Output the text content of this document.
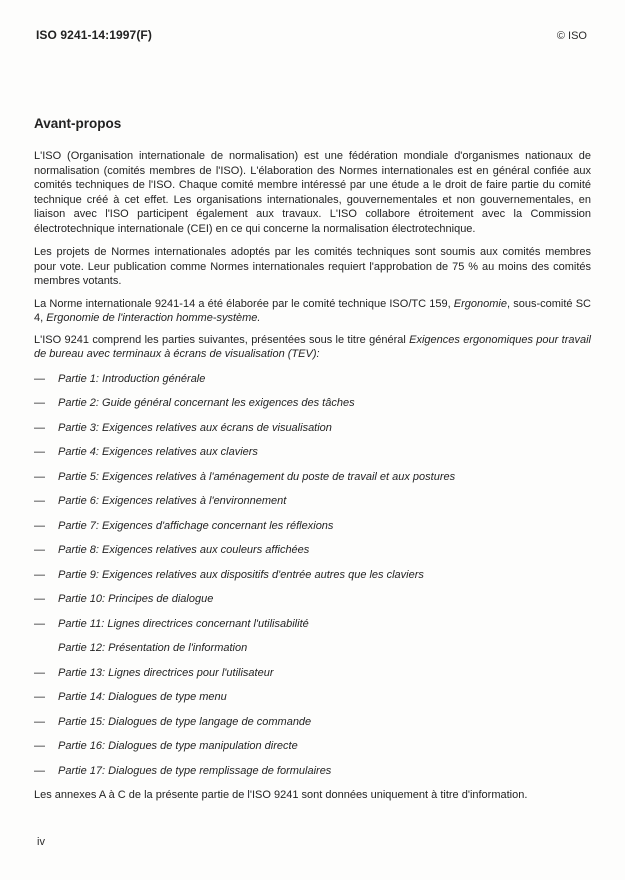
ISO 9241-14:1997(F)	© ISO
Avant-propos

L'ISO (Organisation internationale de normalisation) est une fédération mondiale d'organismes nationaux de normalisation (comités membres de l'ISO). L'élaboration des Normes internationales est en général confiée aux comités techniques de l'ISO. Chaque comité membre intéressé par une étude a le droit de faire partie du comité technique créé à cet effet. Les organisations internationales, gouvernementales et non gouvernementales, en liaison avec l'ISO participent également aux travaux. L'ISO collabore étroitement avec la Commission électrotechnique internationale (CEI) en ce qui concerne la normalisation électrotechnique.

Les projets de Normes internationales adoptés par les comités techniques sont soumis aux comités membres pour vote. Leur publication comme Normes internationales requiert l'approbation de 75 % au moins des comités membres votants.

La Norme internationale 9241-14 a été élaborée par le comité technique ISO/TC 159, Ergonomie, sous-comité SC 4, Ergonomie de l'interaction homme-système.

L'ISO 9241 comprend les parties suivantes, présentées sous le titre général Exigences ergonomiques pour travail de bureau avec terminaux à écrans de visualisation (TEV):

—	Partie 1: Introduction générale
—	Partie 2: Guide général concernant les exigences des tâches
—	Partie 3: Exigences relatives aux écrans de visualisation
—	Partie 4: Exigences relatives aux claviers
—	Partie 5: Exigences relatives à l'aménagement du poste de travail et aux postures
—	Partie 6: Exigences relatives à l'environnement
—	Partie 7: Exigences d'affichage concernant les réflexions
—	Partie 8: Exigences relatives aux couleurs affichées
—	Partie 9: Exigences relatives aux dispositifs d'entrée autres que les claviers
—	Partie 10: Principes de dialogue
—	Partie 11: Lignes directrices concernant l'utilisabilité
Partie 12: Présentation de l'information
—	Partie 13: Lignes directrices pour l'utilisateur
—	Partie 14: Dialogues de type menu
—	Partie 15: Dialogues de type langage de commande
—	Partie 16: Dialogues de type manipulation directe
—	Partie 17: Dialogues de type remplissage de formulaires

Les annexes A à C de la présente partie de l'ISO 9241 sont données uniquement à titre d'information.

iv
